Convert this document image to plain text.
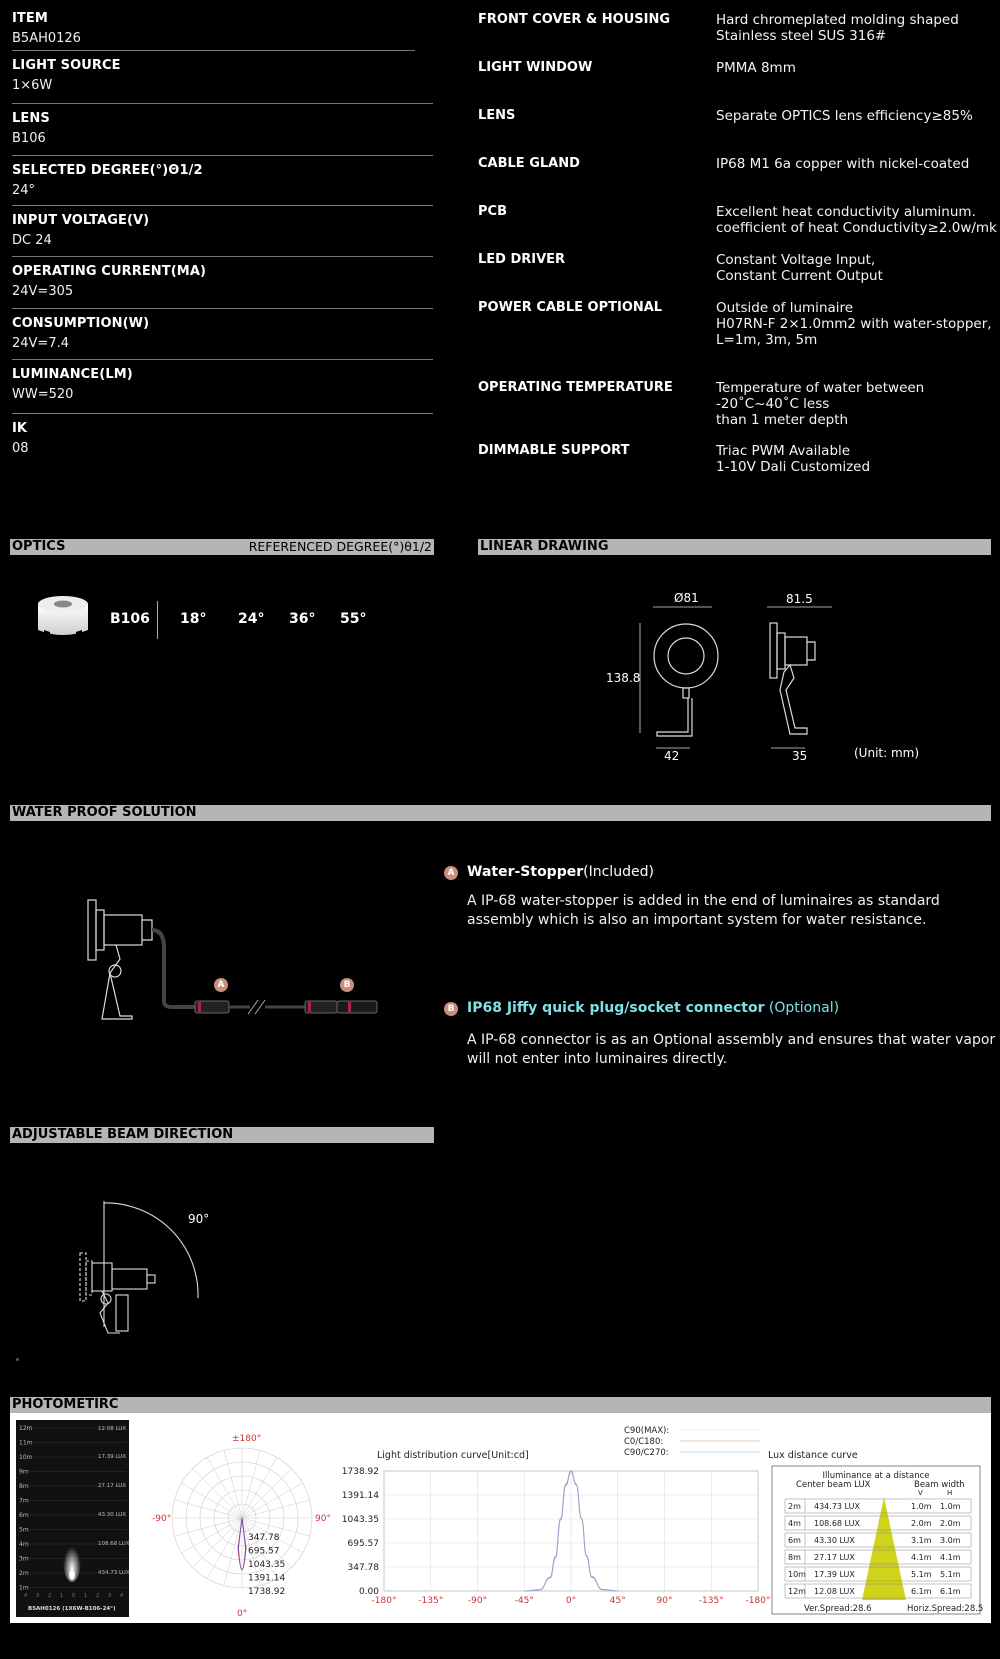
ITEM
B5AH0126
LIGHT SOURCE
1×6W
LENS
B106
SELECTED DEGREE(°)Θ1/2
24°
INPUT VOLTAGE(V)
DC 24
OPERATING CURRENT(MA)
24V=305
CONSUMPTION(W)
24V=7.4
LUMINANCE(LM)
WW=520
IK
08
FRONT COVER & HOUSING	Hard chromeplated molding shaped
Stainless steel SUS 316#
LIGHT WINDOW	PMMA 8mm
LENS	Separate OPTICS lens efficiency≥85%
CABLE GLAND	IP68 M1 6a copper with nickel-coated
PCB	Excellent heat conductivity aluminum.
coefficient of heat Conductivity≥2.0w/mk
LED DRIVER	Constant Voltage Input,
Constant Current Output
POWER CABLE OPTIONAL	Outside of luminaire
H07RN-F 2×1.0mm2 with water-stopper,
L=1m, 3m, 5m
OPERATING TEMPERATURE	Temperature of water between
-20˚C~40˚C less
than 1 meter depth
DIMMABLE SUPPORT	Triac PWM Available
1-10V Dali Customized
OPTICS	REFERENCED DEGREE(°)θ1/2
B106 18° 24° 36° 55°
LINEAR DRAWING
Ø81	81.5
138.8
42	35	(Unit: mm)
WATER PROOF SOLUTION
A	B
A Water-Stopper(Included)
A IP-68 water-stopper is added in the end of luminaires as standard assembly which is also an important system for water resistance.
B IP68 Jiffy quick plug/socket connector (Optional)
A IP-68 connector is as an Optional assembly and ensures that water vapor will not enter into luminaires directly.
ADJUSTABLE BEAM DIRECTION
90°
PHOTOMETIRC
12m
11m
10m
9m
8m
7m
6m
5m
4m
3m
2m
1m
12.08 LUX
17.39 LUX
27.17 LUX
43.30 LUX
108.68 LUX
434.73 LUX
4 3 2 1 0 1 2 3 4
B5AH0126 (1X6W-B106-24°)
±180°
-90°	90°
0°
347.78
695.57
1043.35
1391.14
1738.92
Light distribution curve[Unit:cd]
C90(MAX):
C0/C180:
C90/C270:
1738.92
1391.14
1043.35
695.57
347.78
0.00
-180° -135°	-90°	-45°	0°	45°	90°	-135° -180°
Lux distance curve
Illuminance at a distance
Center beam LUX	Beam width
V	H
2m 434.73 LUX	1.0m 1.0m
4m 108.68 LUX	2.0m 2.0m
6m 43.30 LUX	3.1m 3.0m
8m 27.17 LUX	4.1m 4.1m
10m 17.39 LUX	5.1m 5.1m
12m 12.08 LUX	6.1m 6.1m
Ver.Spread:28.6	Horiz.Spread:28.5
